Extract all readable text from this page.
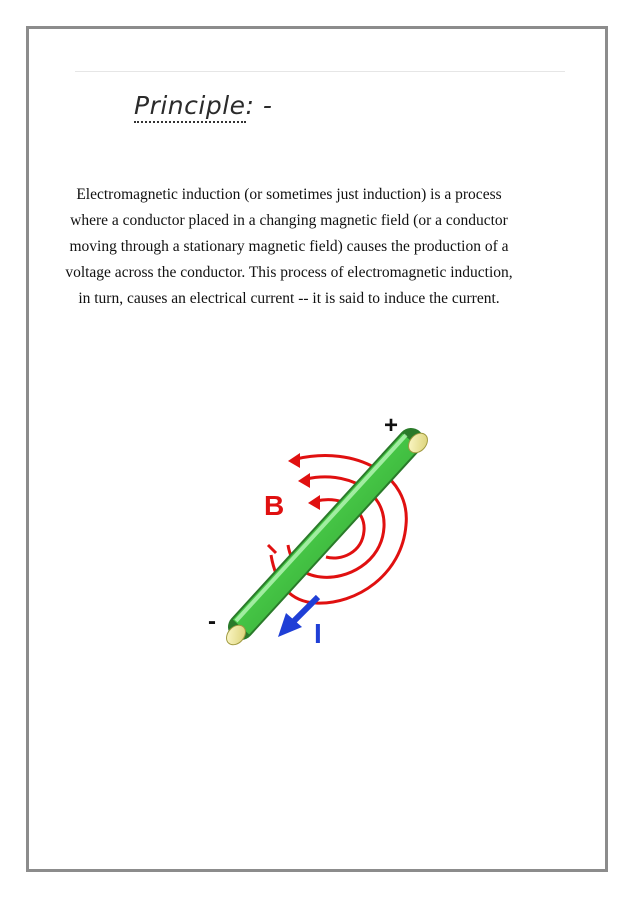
Principle: -

Electromagnetic induction (or sometimes just induction) is a process where a conductor placed in a changing magnetic field (or a conductor moving through a stationary magnetic field) causes the production of a voltage across the conductor. This process of electromagnetic induction, in turn, causes an electrical current -- it is said to induce the current.

+
-
B
I
